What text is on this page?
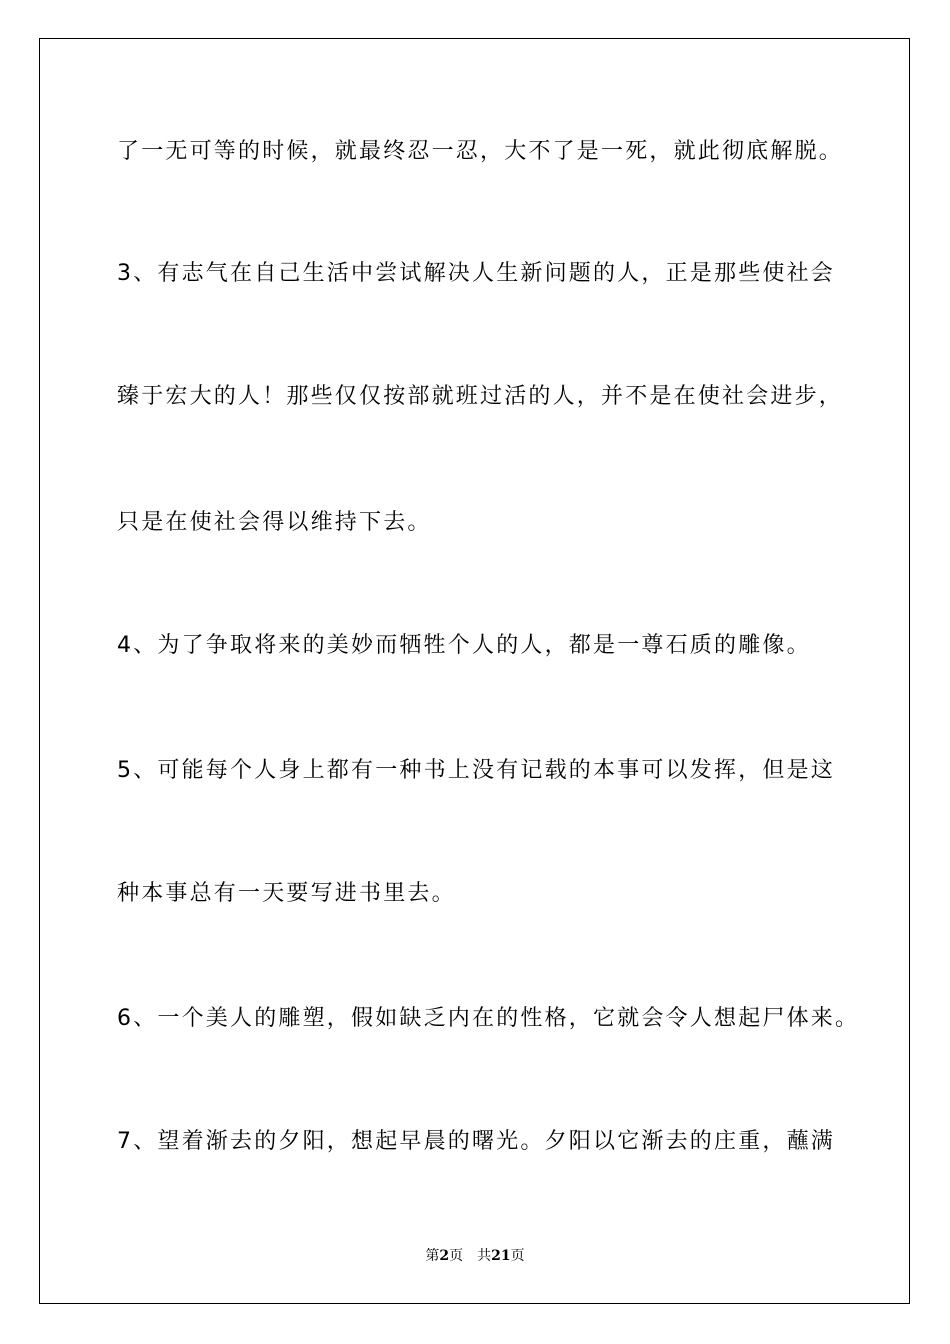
了一无可等的时候，就最终忍一忍，大不了是一死，就此彻底解脱。
3、有志气在自己生活中尝试解决人生新问题的人，正是那些使社会
臻于宏大的人！那些仅仅按部就班过活的人，并不是在使社会进步，
只是在使社会得以维持下去。
4、为了争取将来的美妙而牺牲个人的人，都是一尊石质的雕像。
5、可能每个人身上都有一种书上没有记载的本事可以发挥，但是这
种本事总有一天要写进书里去。
6、一个美人的雕塑，假如缺乏内在的性格，它就会令人想起尸体来。
7、望着渐去的夕阳，想起早晨的曙光。夕阳以它渐去的庄重，蘸满
第2页 共21页
